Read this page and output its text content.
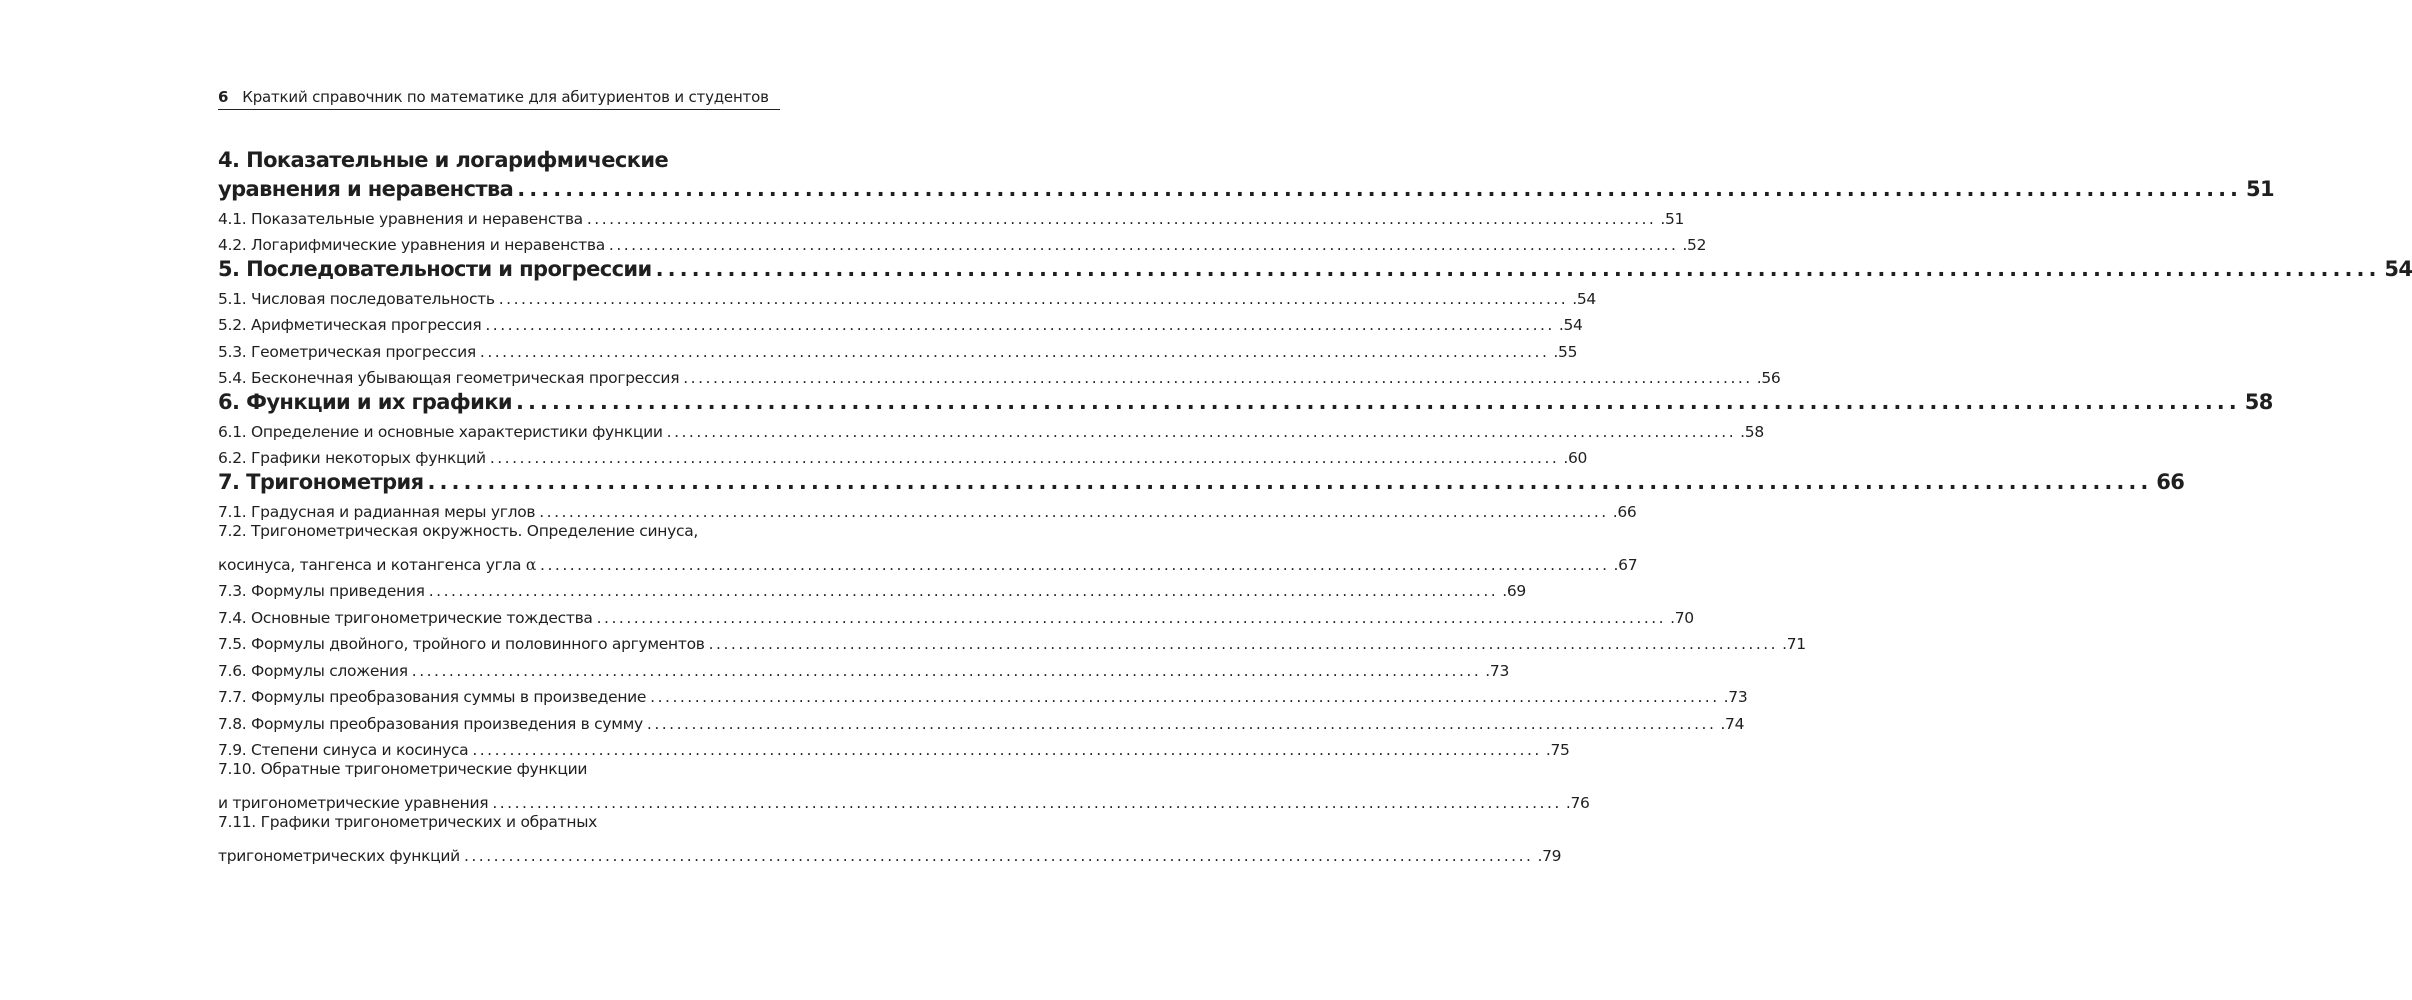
6 Краткий справочник по математике для абитуриентов и студентов
4. Показательные и логарифмические
уравнения и неравенства ................................................................................................................................................ 51
4.1. Показательные уравнения и неравенства ................................................................................................................................................ .51
4.2. Логарифмические уравнения и неравенства ................................................................................................................................................ .52
5. Последовательности и прогрессии ................................................................................................................................................ 54
5.1. Числовая последовательность ................................................................................................................................................ .54
5.2. Арифметическая прогрессия ................................................................................................................................................ .54
5.3. Геометрическая прогрессия ................................................................................................................................................ .55
5.4. Бесконечная убывающая геометрическая прогрессия ................................................................................................................................................ .56
6. Функции и их графики ................................................................................................................................................ 58
6.1. Определение и основные характеристики функции ................................................................................................................................................ .58
6.2. Графики некоторых функций ................................................................................................................................................ .60
7. Тригонометрия ................................................................................................................................................ 66
7.1. Градусная и радианная меры углов ................................................................................................................................................ .66
7.2. Тригонометрическая окружность. Определение синуса,
косинуса, тангенса и котангенса угла α ................................................................................................................................................ .67
7.3. Формулы приведения ................................................................................................................................................ .69
7.4. Основные тригонометрические тождества ................................................................................................................................................ .70
7.5. Формулы двойного, тройного и половинного аргументов ................................................................................................................................................ .71
7.6. Формулы сложения ................................................................................................................................................ .73
7.7. Формулы преобразования суммы в произведение ................................................................................................................................................ .73
7.8. Формулы преобразования произведения в сумму ................................................................................................................................................ .74
7.9. Степени синуса и косинуса ................................................................................................................................................ .75
7.10. Обратные тригонометрические функции
и тригонометрические уравнения ................................................................................................................................................ .76
7.11. Графики тригонометрических и обратных
тригонометрических функций ................................................................................................................................................ .79
